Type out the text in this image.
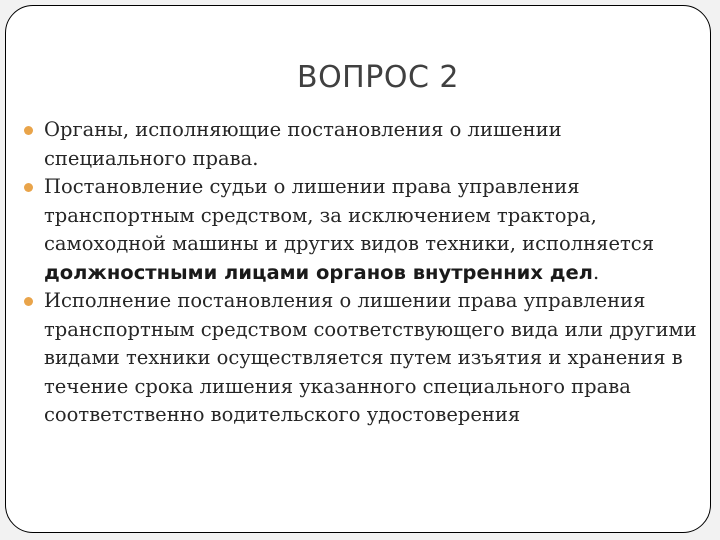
ВОПРОС 2
Органы, исполняющие постановления о лишении специального права.
Постановление судьи о лишении права управления транспортным средством, за исключением трактора, самоходной машины и других видов техники, исполняется должностными лицами органов внутренних дел.
Исполнение постановления о лишении права управления транспортным средством соответствующего вида или другими видами техники осуществляется путем изъятия и хранения в течение срока лишения указанного специального права соответственно водительского удостоверения
